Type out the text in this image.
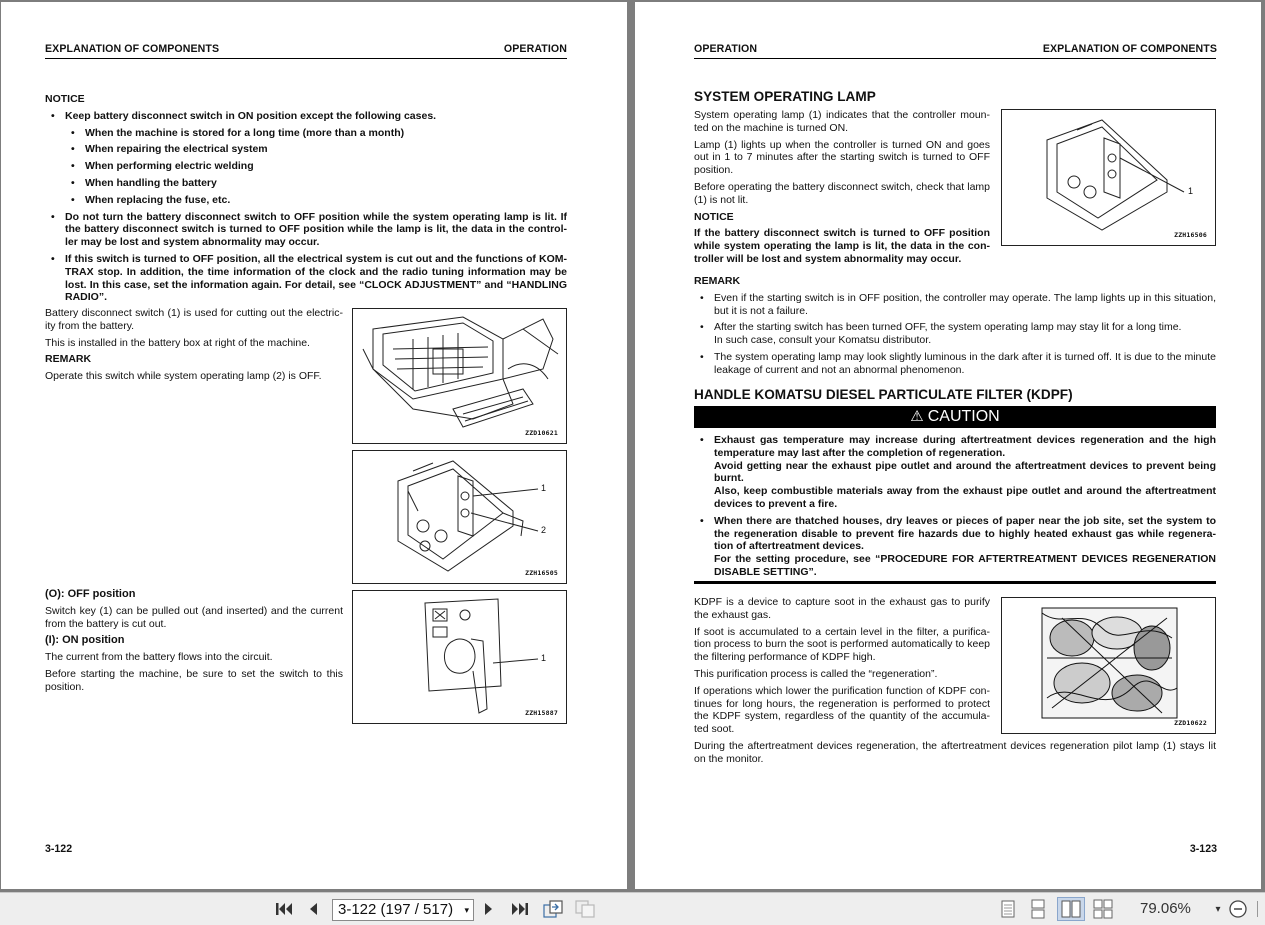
EXPLANATION OF COMPONENTS	OPERATION
NOTICE
• Keep battery disconnect switch in ON position except the following cases.
• When the machine is stored for a long time (more than a month)
• When repairing the electrical system
• When performing electric welding
• When handling the battery
• When replacing the fuse, etc.
• Do not turn the battery disconnect switch to OFF position while the system operating lamp is lit. If the battery disconnect switch is turned to OFF position while the lamp is lit, the data in the control-ler may be lost and system abnormality may occur.
• If this switch is turned to OFF position, all the electrical system is cut out and the functions of KOM-TRAX stop. In addition, the time information of the clock and the radio tuning information may be lost. In this case, set the information again. For detail, see “CLOCK ADJUSTMENT” and “HANDLING RADIO”.
Battery disconnect switch (1) is used for cutting out the electric-ity from the battery.
This is installed in the battery box at right of the machine.
REMARK
Operate this switch while system operating lamp (2) is OFF.
(O): OFF position
Switch key (1) can be pulled out (and inserted) and the current from the battery is cut out.
(I): ON position
The current from the battery flows into the circuit.
Before starting the machine, be sure to set the switch to this position.
ZZD10621
1
2
ZZH16505
1
ZZH15887
3-122
OPERATION	EXPLANATION OF COMPONENTS
SYSTEM OPERATING LAMP
System operating lamp (1) indicates that the controller moun-ted on the machine is turned ON.
Lamp (1) lights up when the controller is turned ON and goes out in 1 to 7 minutes after the starting switch is turned to OFF position.
Before operating the battery disconnect switch, check that lamp (1) is not lit.
NOTICE
If the battery disconnect switch is turned to OFF position while system operating the lamp is lit, the data in the con-troller will be lost and system abnormality may occur.
1
ZZH16506
REMARK
• Even if the starting switch is in OFF position, the controller may operate. The lamp lights up in this situation, but it is not a failure.
• After the starting switch has been turned OFF, the system operating lamp may stay lit for a long time.
In such case, consult your Komatsu distributor.
• The system operating lamp may look slightly luminous in the dark after it is turned off. It is due to the minute leakage of current and not an abnormal phenomenon.
HANDLE KOMATSU DIESEL PARTICULATE FILTER (KDPF)
⚠ CAUTION
• Exhaust gas temperature may increase during aftertreatment devices regeneration and the high temperature may last after the completion of regeneration.
Avoid getting near the exhaust pipe outlet and around the aftertreatment devices to prevent being burnt.
Also, keep combustible materials away from the exhaust pipe outlet and around the aftertreatment devices to prevent a fire.
• When there are thatched houses, dry leaves or pieces of paper near the job site, set the system to the regeneration disable to prevent fire hazards due to highly heated exhaust gas while regenera-tion of aftertreatment devices.
For the setting procedure, see “PROCEDURE FOR AFTERTREATMENT DEVICES REGENERATION DISABLE SETTING”.
KDPF is a device to capture soot in the exhaust gas to purify the exhaust gas.
If soot is accumulated to a certain level in the filter, a purifica-tion process to burn the soot is performed automatically to keep the filtering performance of KDPF high.
This purification process is called the “regeneration”.
If operations which lower the purification function of KDPF con-tinues for long hours, the regeneration is performed to protect the KDPF system, regardless of the quantity of the accumula-ted soot.
During the aftertreatment devices regeneration, the aftertreatment devices regeneration pilot lamp (1) stays lit on the monitor.
ZZD10622
3-123
3-122 (197 / 517) ▾	79.06%	▾
